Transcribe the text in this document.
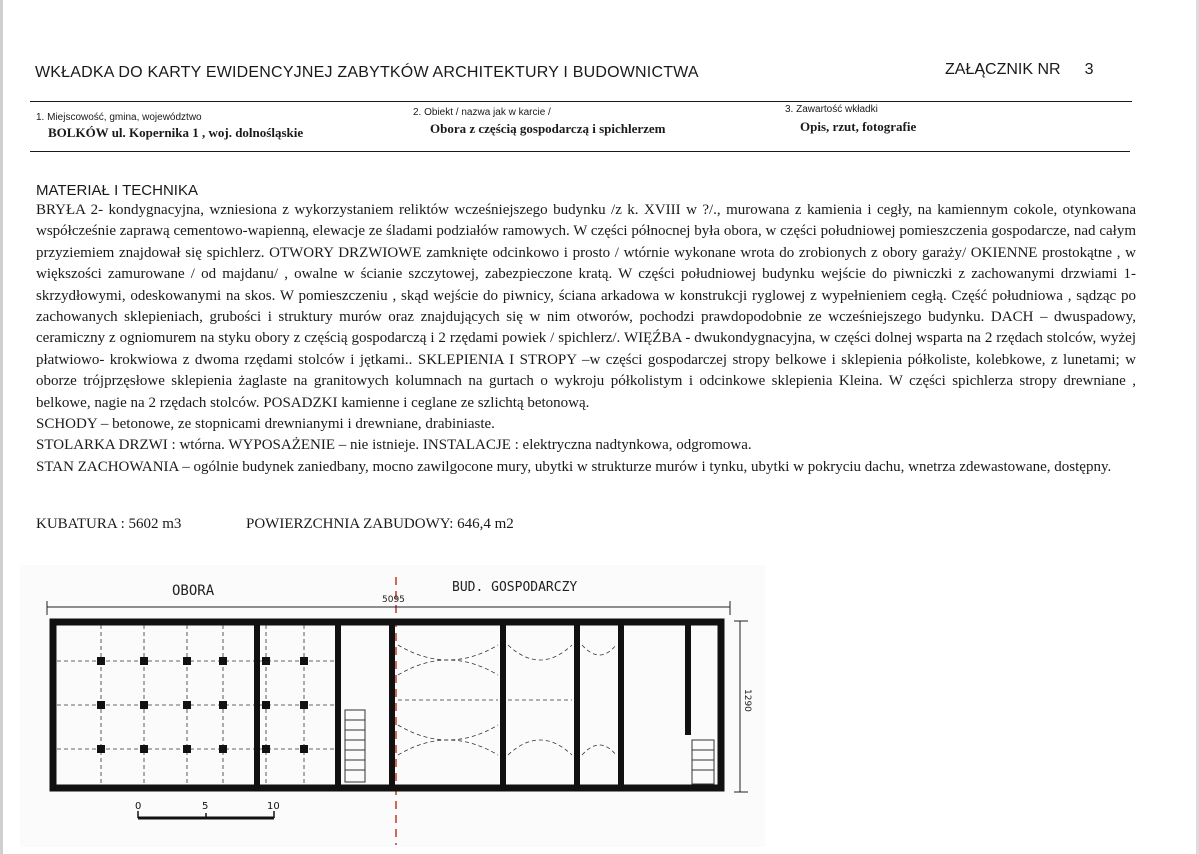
WKŁADKA DO KARTY EWIDENCYJNEJ ZABYTKÓW ARCHITEKTURY I BUDOWNICTWA	ZAŁĄCZNIK NR 3
1. Miejscowość, gmina, województwo
BOLKÓW ul. Kopernika 1 , woj. dolnośląskie
2. Obiekt / nazwa jak w karcie /
Obora z częścią gospodarczą i spichlerzem
3. Zawartość wkładki
Opis, rzut, fotografie
MATERIAŁ I TECHNIKA

BRYŁA 2- kondygnacyjna, wzniesiona z wykorzystaniem reliktów wcześniejszego budynku /z k. XVIII w ?/., murowana z kamienia i cegły, na kamiennym cokole, otynkowana współcześnie zaprawą cementowo-wapienną, elewacje ze śladami podziałów ramowych. W części północnej była obora, w części południowej pomieszczenia gospodarcze, nad całym przyziemiem znajdował się spichlerz. OTWORY DRZWIOWE zamknięte odcinkowo i prosto / wtórnie wykonane wrota do zrobionych z obory garaży/ OKIENNE prostokątne , w większości zamurowane / od majdanu/ , owalne w ścianie szczytowej, zabezpieczone kratą. W części południowej budynku wejście do piwniczki z zachowanymi drzwiami 1- skrzydłowymi, odeskowanymi na skos. W pomieszczeniu , skąd wejście do piwnicy, ściana arkadowa w konstrukcji ryglowej z wypełnieniem cegłą. Część południowa , sądząc po zachowanych sklepieniach, grubości i struktury murów oraz znajdujących się w nim otworów, pochodzi prawdopodobnie ze wcześniejszego budynku. DACH – dwuspadowy, ceramiczny z ogniomurem na styku obory z częścią gospodarczą i 2 rzędami powiek / spichlerz/. WIĘŹBA - dwukondygnacyjna, w części dolnej wsparta na 2 rzędach stolców, wyżej płatwiowo- krokwiowa z dwoma rzędami stolców i jętkami.. SKLEPIENIA I STROPY –w części gospodarczej stropy belkowe i sklepienia półkoliste, kolebkowe, z lunetami; w oborze trójprzęsłowe sklepienia żaglaste na granitowych kolumnach na gurtach o wykroju półkolistym i odcinkowe sklepienia Kleina. W części spichlerza stropy drewniane , belkowe, nagie na 2 rzędach stolców. POSADZKI kamienne i ceglane ze szlichtą betonową.

SCHODY – betonowe, ze stopnicami drewnianymi i drewniane, drabiniaste.

STOLARKA DRZWI : wtórna. WYPOSAŻENIE – nie istnieje. INSTALACJE : elektryczna nadtynkowa, odgromowa.

STAN ZACHOWANIA – ogólnie budynek zaniedbany, mocno zawilgocone mury, ubytki w strukturze murów i tynku, ubytki w pokryciu dachu, wnetrza zdewastowane, dostępny.

KUBATURA : 5602 m3	POWIERZCHNIA ZABUDOWY: 646,4 m2
OBORA	BUD. GOSPODARCZY
5095
1290
0	5	10
